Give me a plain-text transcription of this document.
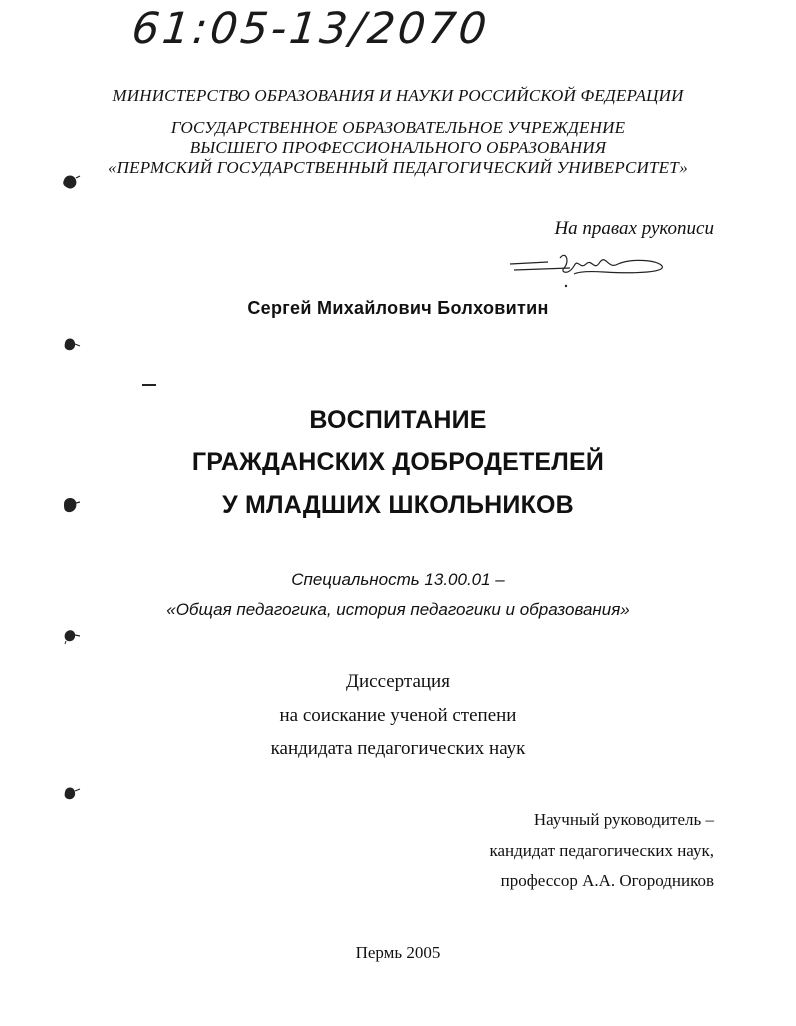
61:05-13/2070
МИНИСТЕРСТВО ОБРАЗОВАНИЯ И НАУКИ РОССИЙСКОЙ ФЕДЕРАЦИИ
ГОСУДАРСТВЕННОЕ ОБРАЗОВАТЕЛЬНОЕ УЧРЕЖДЕНИЕ
ВЫСШЕГО ПРОФЕССИОНАЛЬНОГО ОБРАЗОВАНИЯ
«ПЕРМСКИЙ ГОСУДАРСТВЕННЫЙ ПЕДАГОГИЧЕСКИЙ УНИВЕРСИТЕТ»
На правах рукописи
Сергей Михайлович Болховитин
ВОСПИТАНИЕ
ГРАЖДАНСКИХ ДОБРОДЕТЕЛЕЙ
У МЛАДШИХ ШКОЛЬНИКОВ
Специальность 13.00.01 –
«Общая педагогика, история педагогики и образования»
Диссертация
на соискание ученой степени
кандидата педагогических наук
Научный руководитель –
кандидат педагогических наук,
профессор А.А. Огородников
Пермь 2005
